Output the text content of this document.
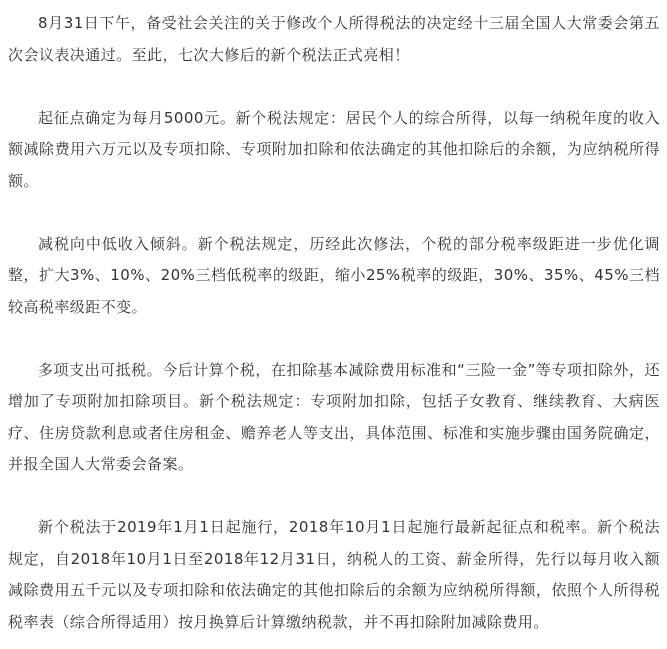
8月31日下午，备受社会关注的关于修改个人所得税法的决定经十三届全国人大常委会第五次会议表决通过。至此，七次大修后的新个税法正式亮相！

起征点确定为每月5000元。新个税法规定：居民个人的综合所得，以每一纳税年度的收入额减除费用六万元以及专项扣除、专项附加扣除和依法确定的其他扣除后的余额，为应纳税所得额。

减税向中低收入倾斜。新个税法规定，历经此次修法，个税的部分税率级距进一步优化调整，扩大3%、10%、20%三档低税率的级距，缩小25%税率的级距，30%、35%、45%三档较高税率级距不变。

多项支出可抵税。今后计算个税，在扣除基本减除费用标准和“三险一金”等专项扣除外，还增加了专项附加扣除项目。新个税法规定：专项附加扣除，包括子女教育、继续教育、大病医疗、住房贷款利息或者住房租金、赡养老人等支出，具体范围、标准和实施步骤由国务院确定，并报全国人大常委会备案。

新个税法于2019年1月1日起施行，2018年10月1日起施行最新起征点和税率。新个税法规定，自2018年10月1日至2018年12月31日，纳税人的工资、薪金所得，先行以每月收入额减除费用五千元以及专项扣除和依法确定的其他扣除后的余额为应纳税所得额，依照个人所得税税率表（综合所得适用）按月换算后计算缴纳税款，并不再扣除附加减除费用。
